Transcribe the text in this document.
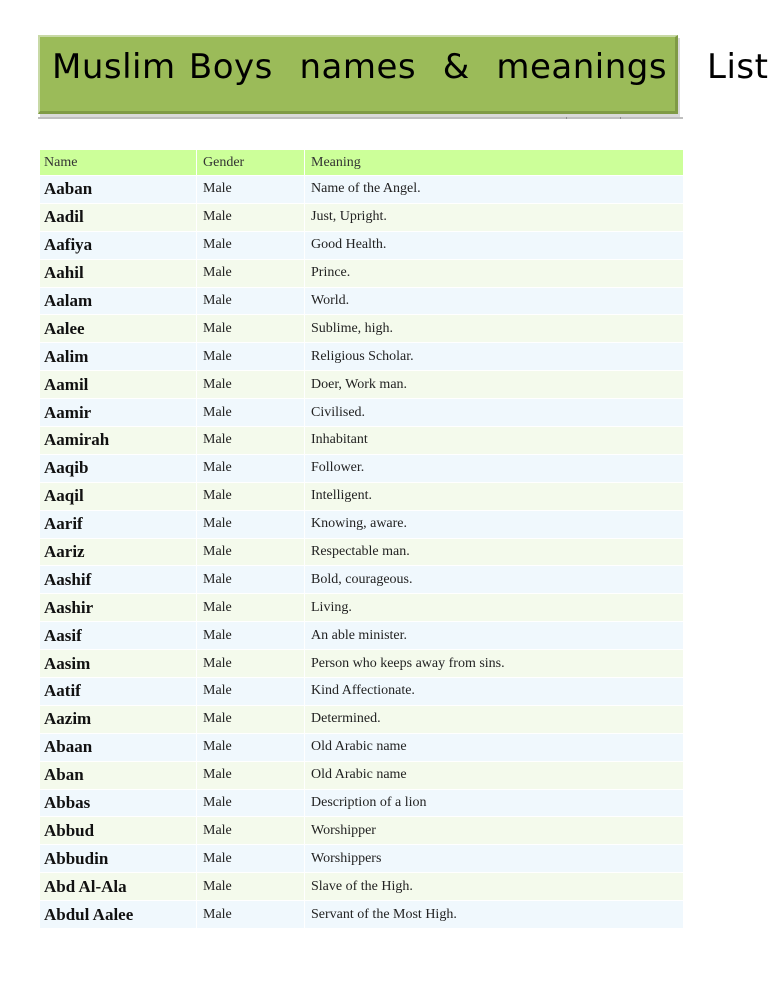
Muslim Boys  names  &  meanings   List
Name	Gender	Meaning
Aaban	Male	Name of the Angel.
Aadil	Male	Just, Upright.
Aafiya	Male	Good Health.
Aahil	Male	Prince.
Aalam	Male	World.
Aalee	Male	Sublime, high.
Aalim	Male	Religious Scholar.
Aamil	Male	Doer, Work man.
Aamir	Male	Civilised.
Aamirah	Male	Inhabitant
Aaqib	Male	Follower.
Aaqil	Male	Intelligent.
Aarif	Male	Knowing, aware.
Aariz	Male	Respectable man.
Aashif	Male	Bold, courageous.
Aashir	Male	Living.
Aasif	Male	An able minister.
Aasim	Male	Person who keeps away from sins.
Aatif	Male	Kind Affectionate.
Aazim	Male	Determined.
Abaan	Male	Old Arabic name
Aban	Male	Old Arabic name
Abbas	Male	Description of a lion
Abbud	Male	Worshipper
Abbudin	Male	Worshippers
Abd Al-Ala	Male	Slave of the High.
Abdul Aalee	Male	Servant of the Most High.
